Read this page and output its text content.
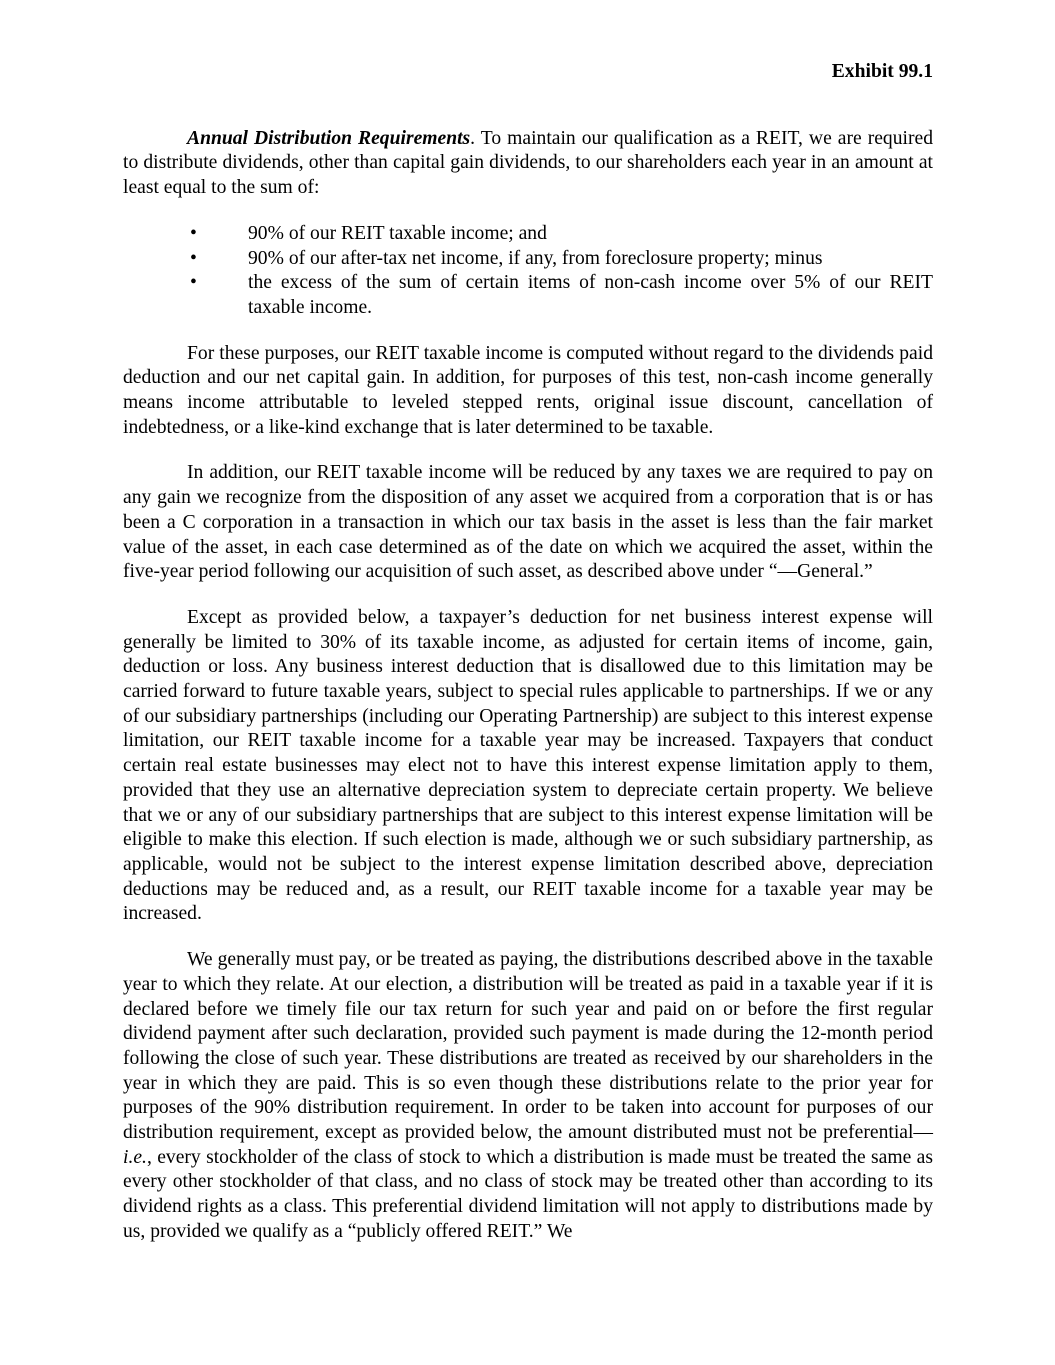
Exhibit 99.1

Annual Distribution Requirements. To maintain our qualification as a REIT, we are required to distribute dividends, other than capital gain dividends, to our shareholders each year in an amount at least equal to the sum of:

•	90% of our REIT taxable income; and
•	90% of our after-tax net income, if any, from foreclosure property; minus
•	the excess of the sum of certain items of non-cash income over 5% of our REIT taxable income.

For these purposes, our REIT taxable income is computed without regard to the dividends paid deduction and our net capital gain. In addition, for purposes of this test, non-cash income generally means income attributable to leveled stepped rents, original issue discount, cancellation of indebtedness, or a like-kind exchange that is later determined to be taxable.

In addition, our REIT taxable income will be reduced by any taxes we are required to pay on any gain we recognize from the disposition of any asset we acquired from a corporation that is or has been a C corporation in a transaction in which our tax basis in the asset is less than the fair market value of the asset, in each case determined as of the date on which we acquired the asset, within the five-year period following our acquisition of such asset, as described above under “—General.”

Except as provided below, a taxpayer’s deduction for net business interest expense will generally be limited to 30% of its taxable income, as adjusted for certain items of income, gain, deduction or loss. Any business interest deduction that is disallowed due to this limitation may be carried forward to future taxable years, subject to special rules applicable to partnerships. If we or any of our subsidiary partnerships (including our Operating Partnership) are subject to this interest expense limitation, our REIT taxable income for a taxable year may be increased. Taxpayers that conduct certain real estate businesses may elect not to have this interest expense limitation apply to them, provided that they use an alternative depreciation system to depreciate certain property. We believe that we or any of our subsidiary partnerships that are subject to this interest expense limitation will be eligible to make this election. If such election is made, although we or such subsidiary partnership, as applicable, would not be subject to the interest expense limitation described above, depreciation deductions may be reduced and, as a result, our REIT taxable income for a taxable year may be increased.

We generally must pay, or be treated as paying, the distributions described above in the taxable year to which they relate. At our election, a distribution will be treated as paid in a taxable year if it is declared before we timely file our tax return for such year and paid on or before the first regular dividend payment after such declaration, provided such payment is made during the 12-month period following the close of such year. These distributions are treated as received by our shareholders in the year in which they are paid. This is so even though these distributions relate to the prior year for purposes of the 90% distribution requirement. In order to be taken into account for purposes of our distribution requirement, except as provided below, the amount distributed must not be preferential—i.e., every stockholder of the class of stock to which a distribution is made must be treated the same as every other stockholder of that class, and no class of stock may be treated other than according to its dividend rights as a class. This preferential dividend limitation will not apply to distributions made by us, provided we qualify as a “publicly offered REIT.” We
